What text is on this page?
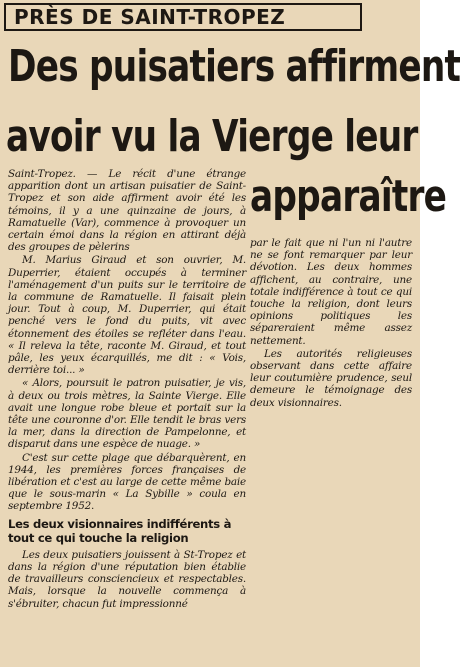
PRÈS DE SAINT-TROPEZ
Des puisatiers affirment
avoir vu la Vierge leur
apparaître

Saint-Tropez. — Le récit d'une étrange apparition dont un artisan puisatier de Saint-Tropez et son aide affirment avoir été les témoins, il y a une quinzaine de jours, à Ramatuelle (Var), commence à provoquer un certain émoi dans la région en attirant déjà des groupes de pèlerins

M. Marius Giraud et son ouvrier, M. Duperrier, étaient occupés à terminer l'aménagement d'un puits sur le territoire de la commune de Ramatuelle. Il faisait plein jour. Tout à coup, M. Duperrier, qui était penché vers le fond du puits, vit avec étonnement des étoiles se refléter dans l'eau. « Il releva la tête, raconte M. Giraud, et tout pâle, les yeux écarquillés, me dit : « Vois, derrière toi... »

« Alors, poursuit le patron puisatier, je vis, à deux ou trois mètres, la Sainte Vierge. Elle avait une longue robe bleue et portait sur la tête une couronne d'or. Elle tendit le bras vers la mer, dans la direction de Pampelonne, et disparut dans une espèce de nuage. »

C'est sur cette plage que débarquèrent, en 1944, les premières forces françaises de libération et c'est au large de cette même baie que le sous-marin « La Sybille » coula en septembre 1952.

Les deux visionnaires indifférents à tout ce qui touche la religion

Les deux puisatiers jouissent à St-Tropez et dans la région d'une réputation bien établie de travailleurs consciencieux et respectables. Mais, lorsque la nouvelle commença à s'ébruiter, chacun fut impressionné

par le fait que ni l'un ni l'autre ne se font remarquer par leur dévotion. Les deux hommes affichent, au contraire, une totale indifférence à tout ce qui touche la religion, dont leurs opinions politiques les sépareraient même assez nettement.

Les autorités religieuses observant dans cette affaire leur coutumière prudence, seul demeure le témoignage des deux visionnaires.
